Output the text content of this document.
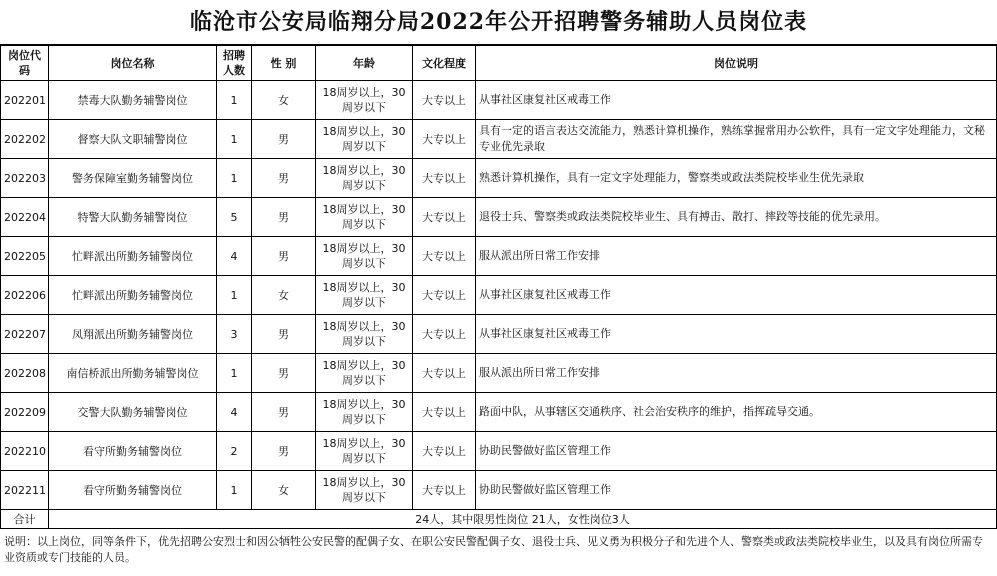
临沧市公安局临翔分局2022年公开招聘警务辅助人员岗位表
岗位代码	岗位名称	招聘人数	性 别	年龄	文化程度	岗位说明
202201	禁毒大队勤务辅警岗位	1	女	18周岁以上，30周岁以下	大专以上	从事社区康复社区戒毒工作
202202	督察大队文职辅警岗位	1	男	18周岁以上，30周岁以下	大专以上	具有一定的语言表达交流能力，熟悉计算机操作，熟练掌握常用办公软件，具有一定文字处理能力，文秘专业优先录取
202203	警务保障室勤务辅警岗位	1	男	18周岁以上，30周岁以下	大专以上	熟悉计算机操作，具有一定文字处理能力，警察类或政法类院校毕业生优先录取
202204	特警大队勤务辅警岗位	5	男	18周岁以上，30周岁以下	大专以上	退役士兵、警察类或政法类院校毕业生、具有搏击、散打、摔跤等技能的优先录用。
202205	忙畔派出所勤务辅警岗位	4	男	18周岁以上，30周岁以下	大专以上	服从派出所日常工作安排
202206	忙畔派出所勤务辅警岗位	1	女	18周岁以上，30周岁以下	大专以上	从事社区康复社区戒毒工作
202207	凤翔派出所勤务辅警岗位	3	男	18周岁以上，30周岁以下	大专以上	从事社区康复社区戒毒工作
202208	南信桥派出所勤务辅警岗位	1	男	18周岁以上，30周岁以下	大专以上	服从派出所日常工作安排
202209	交警大队勤务辅警岗位	4	男	18周岁以上，30周岁以下	大专以上	路面中队，从事辖区交通秩序、社会治安秩序的维护，指挥疏导交通。
202210	看守所勤务辅警岗位	2	男	18周岁以上，30周岁以下	大专以上	协助民警做好监区管理工作
202211	看守所勤务辅警岗位	1	女	18周岁以上，30周岁以下	大专以上	协助民警做好监区管理工作
合计	24人，其中限男性岗位 21人，女性岗位3人					
说明：以上岗位，同等条件下，优先招聘公安烈士和因公牺牲公安民警的配偶子女、在职公安民警配偶子女、退役士兵、见义勇为积极分子和先进个人、警察类或政法类院校毕业生，以及具有岗位所需专业资质或专门技能的人员。
